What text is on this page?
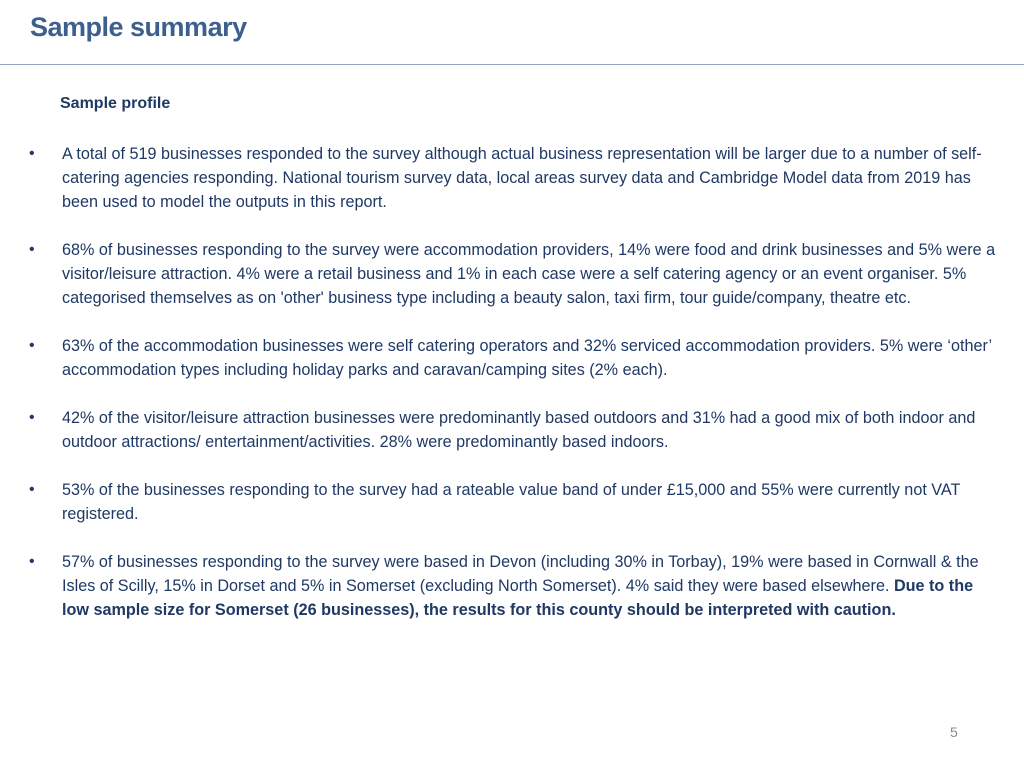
Sample summary
Sample profile
• A total of 519 businesses responded to the survey although actual business representation will be larger due to a number of self-catering agencies responding. National tourism survey data, local areas survey data and Cambridge Model data from 2019 has been used to model the outputs in this report.
• 68% of businesses responding to the survey were accommodation providers, 14% were food and drink businesses and 5% were a visitor/leisure attraction. 4% were a retail business and 1% in each case were a self catering agency or an event organiser. 5% categorised themselves as on 'other' business type including a beauty salon, taxi firm, tour guide/company, theatre etc.
• 63% of the accommodation businesses were self catering operators and 32% serviced accommodation providers. 5% were ‘other’ accommodation types including holiday parks and caravan/camping sites (2% each).
• 42% of the visitor/leisure attraction businesses were predominantly based outdoors and 31% had a good mix of both indoor and outdoor attractions/ entertainment/activities. 28% were predominantly based indoors.
• 53% of the businesses responding to the survey had a rateable value band of under £15,000 and 55% were currently not VAT registered.
• 57% of businesses responding to the survey were based in Devon (including 30% in Torbay), 19% were based in Cornwall & the Isles of Scilly, 15% in Dorset and 5% in Somerset (excluding North Somerset). 4% said they were based elsewhere. Due to the low sample size for Somerset (26 businesses), the results for this county should be interpreted with caution.
5
